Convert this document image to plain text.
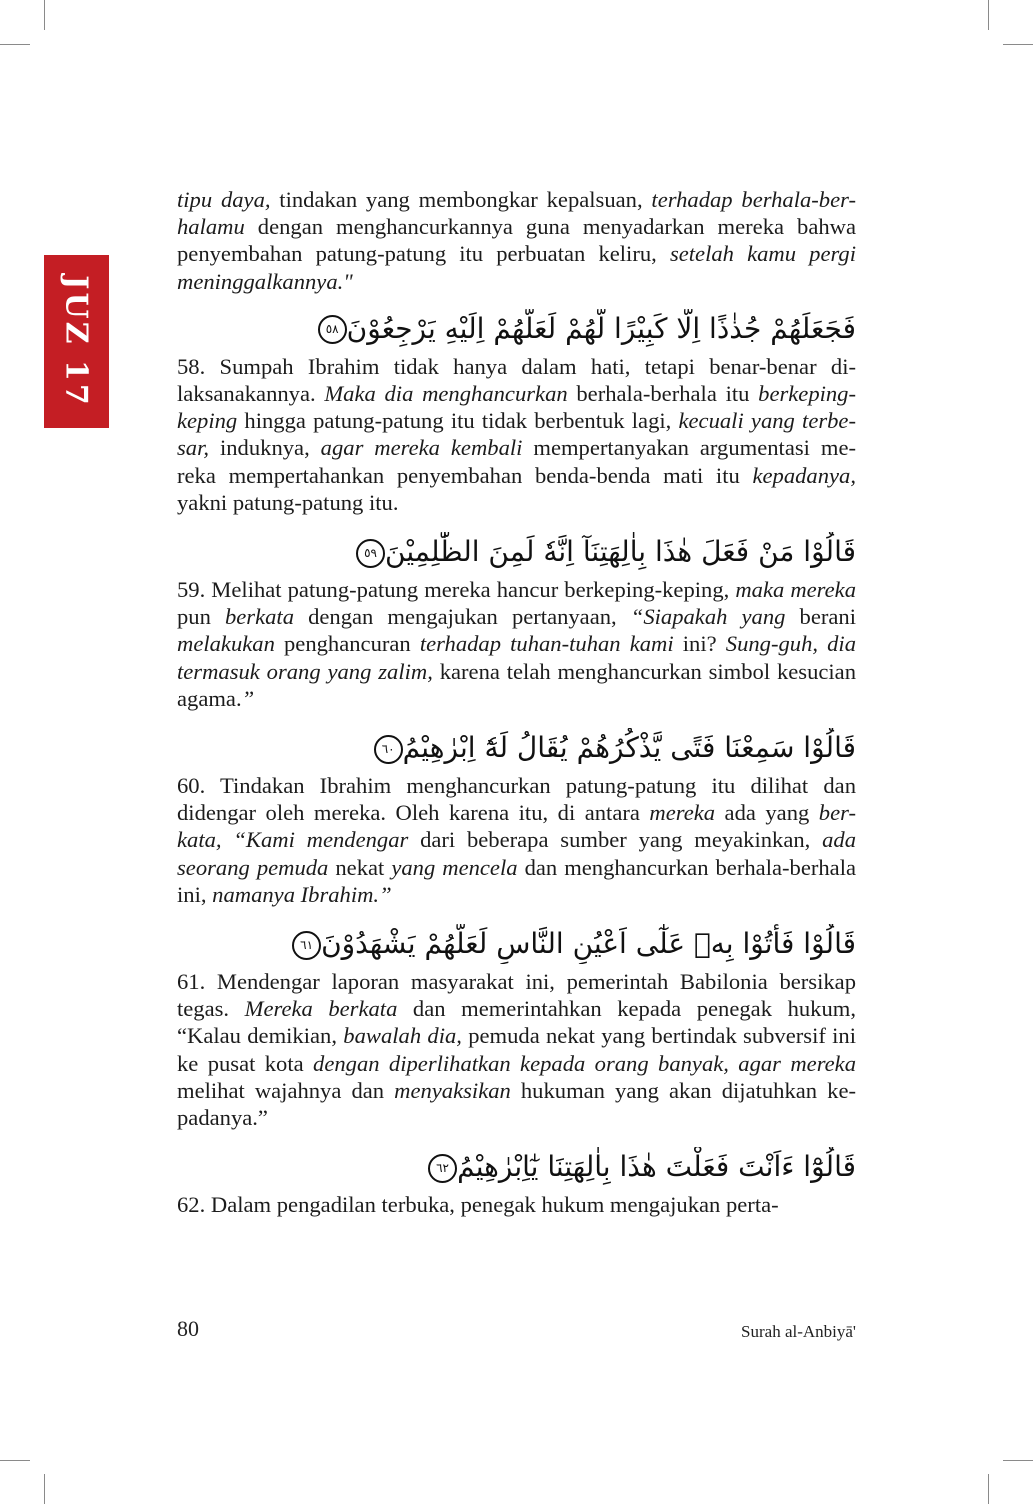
JUZ 17

tipu daya, tindakan yang membongkar kepalsuan, terhadap berhala-ber-halamu dengan menghancurkannya guna menyadarkan mereka bahwa penyembahan patung-patung itu perbuatan keliru, setelah kamu pergi meninggalkannya."

فَجَعَلَهُمْ جُذٰذًا اِلَّا كَبِيْرًا لَّهُمْ لَعَلَّهُمْ اِلَيْهِ يَرْجِعُوْنَ٥٨

58. Sumpah Ibrahim tidak hanya dalam hati, tetapi benar-benar di-laksanakannya. Maka dia menghancurkan berhala-berhala itu berkeping-keping hingga patung-patung itu tidak berbentuk lagi, kecuali yang terbe-sar, induknya, agar mereka kembali mempertanyakan argumentasi me-reka mempertahankan penyembahan benda-benda mati itu kepadanya, yakni patung-patung itu.

قَالُوْا مَنْ فَعَلَ هٰذَا بِاٰلِهَتِنَآ اِنَّهٗ لَمِنَ الظّٰلِمِيْنَ٥٩

59. Melihat patung-patung mereka hancur berkeping-keping, maka mereka pun berkata dengan mengajukan pertanyaan, “Siapakah yang berani melakukan penghancuran terhadap tuhan-tuhan kami ini? Sung-guh, dia termasuk orang yang zalim, karena telah menghancurkan simbol kesucian agama.”

قَالُوْا سَمِعْنَا فَتًى يَّذْكُرُهُمْ يُقَالُ لَهٗٓ اِبْرٰهِيْمُ٦٠

60. Tindakan Ibrahim menghancurkan patung-patung itu dilihat dan didengar oleh mereka. Oleh karena itu, di antara mereka ada yang ber-kata, “Kami mendengar dari beberapa sumber yang meyakinkan, ada seorang pemuda nekat yang mencela dan menghancurkan berhala-berhala ini, namanya Ibrahim.”

قَالُوْا فَأْتُوْا بِهٖ عَلٰٓى اَعْيُنِ النَّاسِ لَعَلَّهُمْ يَشْهَدُوْنَ٦١

61. Mendengar laporan masyarakat ini, pemerintah Babilonia bersikap tegas. Mereka berkata dan memerintahkan kepada penegak hukum, “Kalau demikian, bawalah dia, pemuda nekat yang bertindak subversif ini ke pusat kota dengan diperlihatkan kepada orang banyak, agar mereka melihat wajahnya dan menyaksikan hukuman yang akan dijatuhkan ke-padanya.”

قَالُوْٓا ءَاَنْتَ فَعَلْتَ هٰذَا بِاٰلِهَتِنَا يٰٓاِبْرٰهِيْمُ٦٢

62. Dalam pengadilan terbuka, penegak hukum mengajukan perta-

80	Surah al-Anbiyā'
